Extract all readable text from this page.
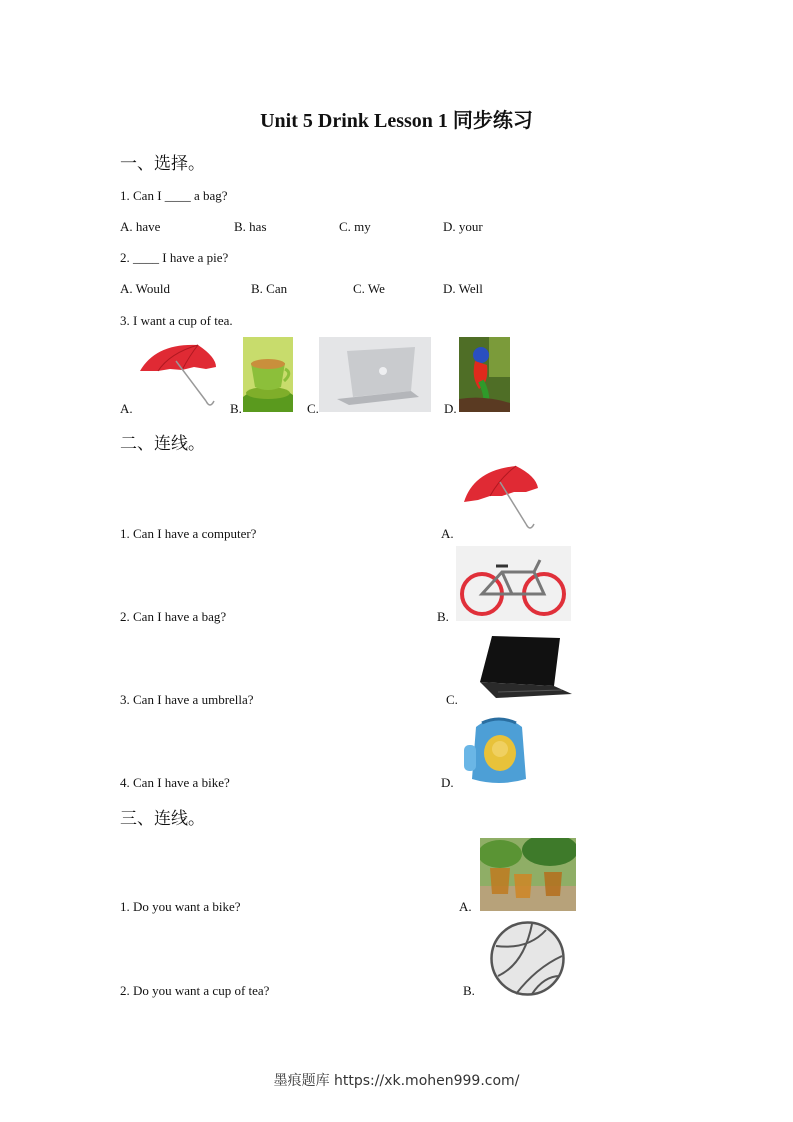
Unit 5 Drink Lesson 1 同步练习
一、选择。
1. Can I ____ a bag?
A. have	B. has	C. my	D. your
2. ____ I have a pie?
A. Would	B. Can	C. We	D. Well
3. I want a cup of tea.
A.	B.	C.	D.
二、连线。
1. Can I have a computer?	A.
2. Can I have a bag?	B.
3. Can I have a umbrella?	C.
4. Can I have a bike?	D.
三、连线。
1. Do you want a bike?	A.
2. Do you want a cup of tea?	B.
墨痕题库 https://xk.mohen999.com/
